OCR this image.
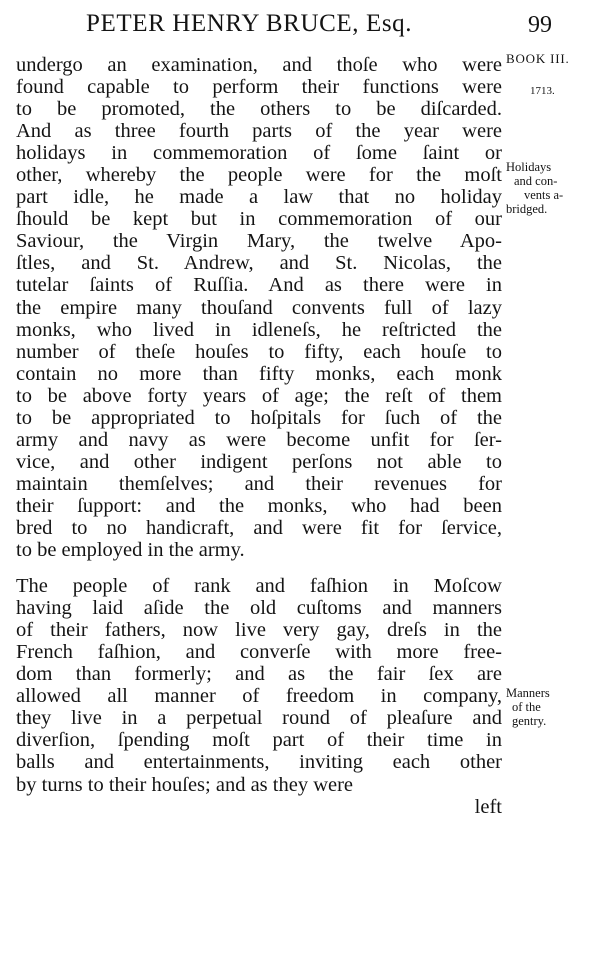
PETER HENRY BRUCE, Esq.	99
undergo an examination, and thoſe who were
found capable to perform their functions were
to be promoted, the others to be diſcarded.
And as three fourth parts of the year were
holidays in commemoration of ſome ſaint or
other, whereby the people were for the moſt
part idle, he made a law that no holiday
ſhould be kept but in commemoration of our
Saviour, the Virgin Mary, the twelve Apo-
ſtles, and St. Andrew, and St. Nicolas, the
tutelar ſaints of Ruſſia. And as there were in
the empire many thouſand convents full of lazy
monks, who lived in idleneſs, he reſtricted the
number of theſe houſes to fifty, each houſe to
contain no more than fifty monks, each monk
to be above forty years of age; the reſt of them
to be appropriated to hoſpitals for ſuch of the
army and navy as were become unfit for ſer-
vice, and other indigent perſons not able to
maintain themſelves; and their revenues for
their ſupport: and the monks, who had been
bred to no handicraft, and were fit for ſervice,
to be employed in the army.
The people of rank and faſhion in Moſcow
having laid aſide the old cuſtoms and manners
of their fathers, now live very gay, dreſs in the
French faſhion, and converſe with more free-
dom than formerly; and as the fair ſex are
allowed all manner of freedom in company,
they live in a perpetual round of pleaſure and
diverſion, ſpending moſt part of their time in
balls and entertainments, inviting each other
by turns to their houſes; and as they were
left
BOOK III.
1713.
Holidays
and con-
vents a-
bridged.
Manners
of the
gentry.
